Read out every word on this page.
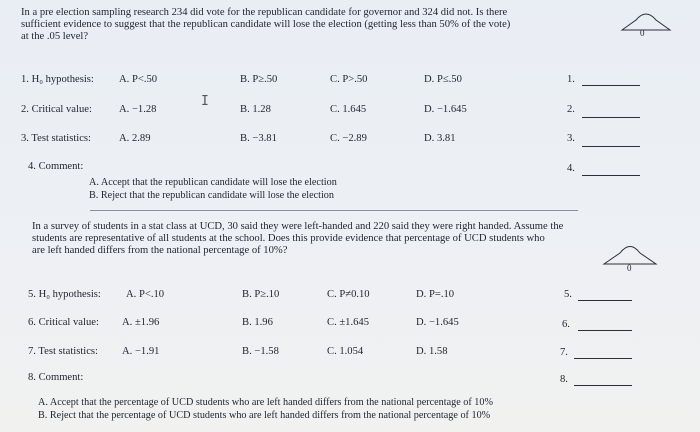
In a pre election sampling research 234 did vote for the republican candidate for governor and 324 did not. Is there
sufficient evidence to suggest that the republican candidate will lose the election (getting less than 50% of the vote)
at the .05 level?	0
1. H₀ hypothesis: A. P<.50	B. P≥.50	C. P>.50	D. P≤.50	1.
2. Critical value:	A. −1.28	B. 1.28	C. 1.645	D. −1.645	2.
I
3. Test statistics:	A. 2.89	B. −3.81	C. −2.89	D. 3.81	3.
4. Comment:	4.
A. Accept that the republican candidate will lose the election
B. Reject that the republican candidate will lose the election
In a survey of students in a stat class at UCD, 30 said they were left-handed and 220 said they were right handed. Assume the
students are representative of all students at the school. Does this provide evidence that percentage of UCD students who
are left handed differs from the national percentage of 10%?
0
5. H₀ hypothesis: A. P<.10	B. P≥.10	C. P≠0.10	D. P=.10	5.
6. Critical value: A. ±1.96	B. 1.96	C. ±1.645	D. −1.645	6.
7. Test statistics: A. −1.91	B. −1.58	C. 1.054	D. 1.58	7.
8. Comment:	8.
A. Accept that the percentage of UCD students who are left handed differs from the national percentage of 10%
B. Reject that the percentage of UCD students who are left handed differs from the national percentage of 10%
